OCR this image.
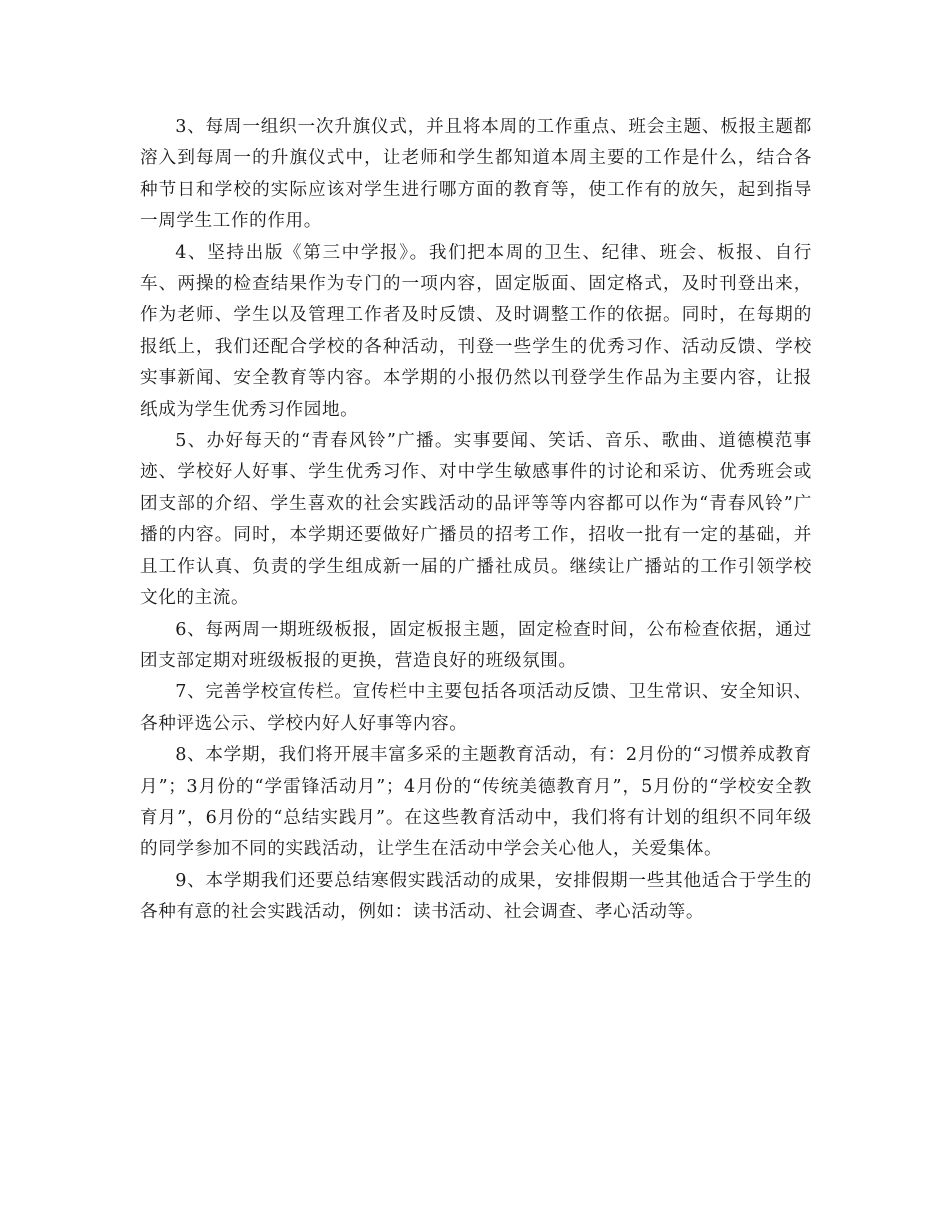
3、每周一组织一次升旗仪式，并且将本周的工作重点、班会主题、板报主题都溶入到每周一的升旗仪式中，让老师和学生都知道本周主要的工作是什么，结合各种节日和学校的实际应该对学生进行哪方面的教育等，使工作有的放矢，起到指导一周学生工作的作用。

4、坚持出版《第三中学报》。我们把本周的卫生、纪律、班会、板报、自行车、两操的检查结果作为专门的一项内容，固定版面、固定格式，及时刊登出来，作为老师、学生以及管理工作者及时反馈、及时调整工作的依据。同时，在每期的报纸上，我们还配合学校的各种活动，刊登一些学生的优秀习作、活动反馈、学校实事新闻、安全教育等内容。本学期的小报仍然以刊登学生作品为主要内容，让报纸成为学生优秀习作园地。

5、办好每天的“青春风铃”广播。实事要闻、笑话、音乐、歌曲、道德模范事迹、学校好人好事、学生优秀习作、对中学生敏感事件的讨论和采访、优秀班会或团支部的介绍、学生喜欢的社会实践活动的品评等等内容都可以作为“青春风铃”广播的内容。同时，本学期还要做好广播员的招考工作，招收一批有一定的基础，并且工作认真、负责的学生组成新一届的广播社成员。继续让广播站的工作引领学校文化的主流。

6、每两周一期班级板报，固定板报主题，固定检查时间，公布检查依据，通过团支部定期对班级板报的更换，营造良好的班级氛围。

7、完善学校宣传栏。宣传栏中主要包括各项活动反馈、卫生常识、安全知识、各种评选公示、学校内好人好事等内容。

8、本学期，我们将开展丰富多采的主题教育活动，有：2月份的“习惯养成教育月”；3月份的“学雷锋活动月”；4月份的“传统美德教育月”，5月份的“学校安全教育月”，6月份的“总结实践月”。在这些教育活动中，我们将有计划的组织不同年级的同学参加不同的实践活动，让学生在活动中学会关心他人，关爱集体。

9、本学期我们还要总结寒假实践活动的成果，安排假期一些其他适合于学生的各种有意的社会实践活动，例如：读书活动、社会调查、孝心活动等。
